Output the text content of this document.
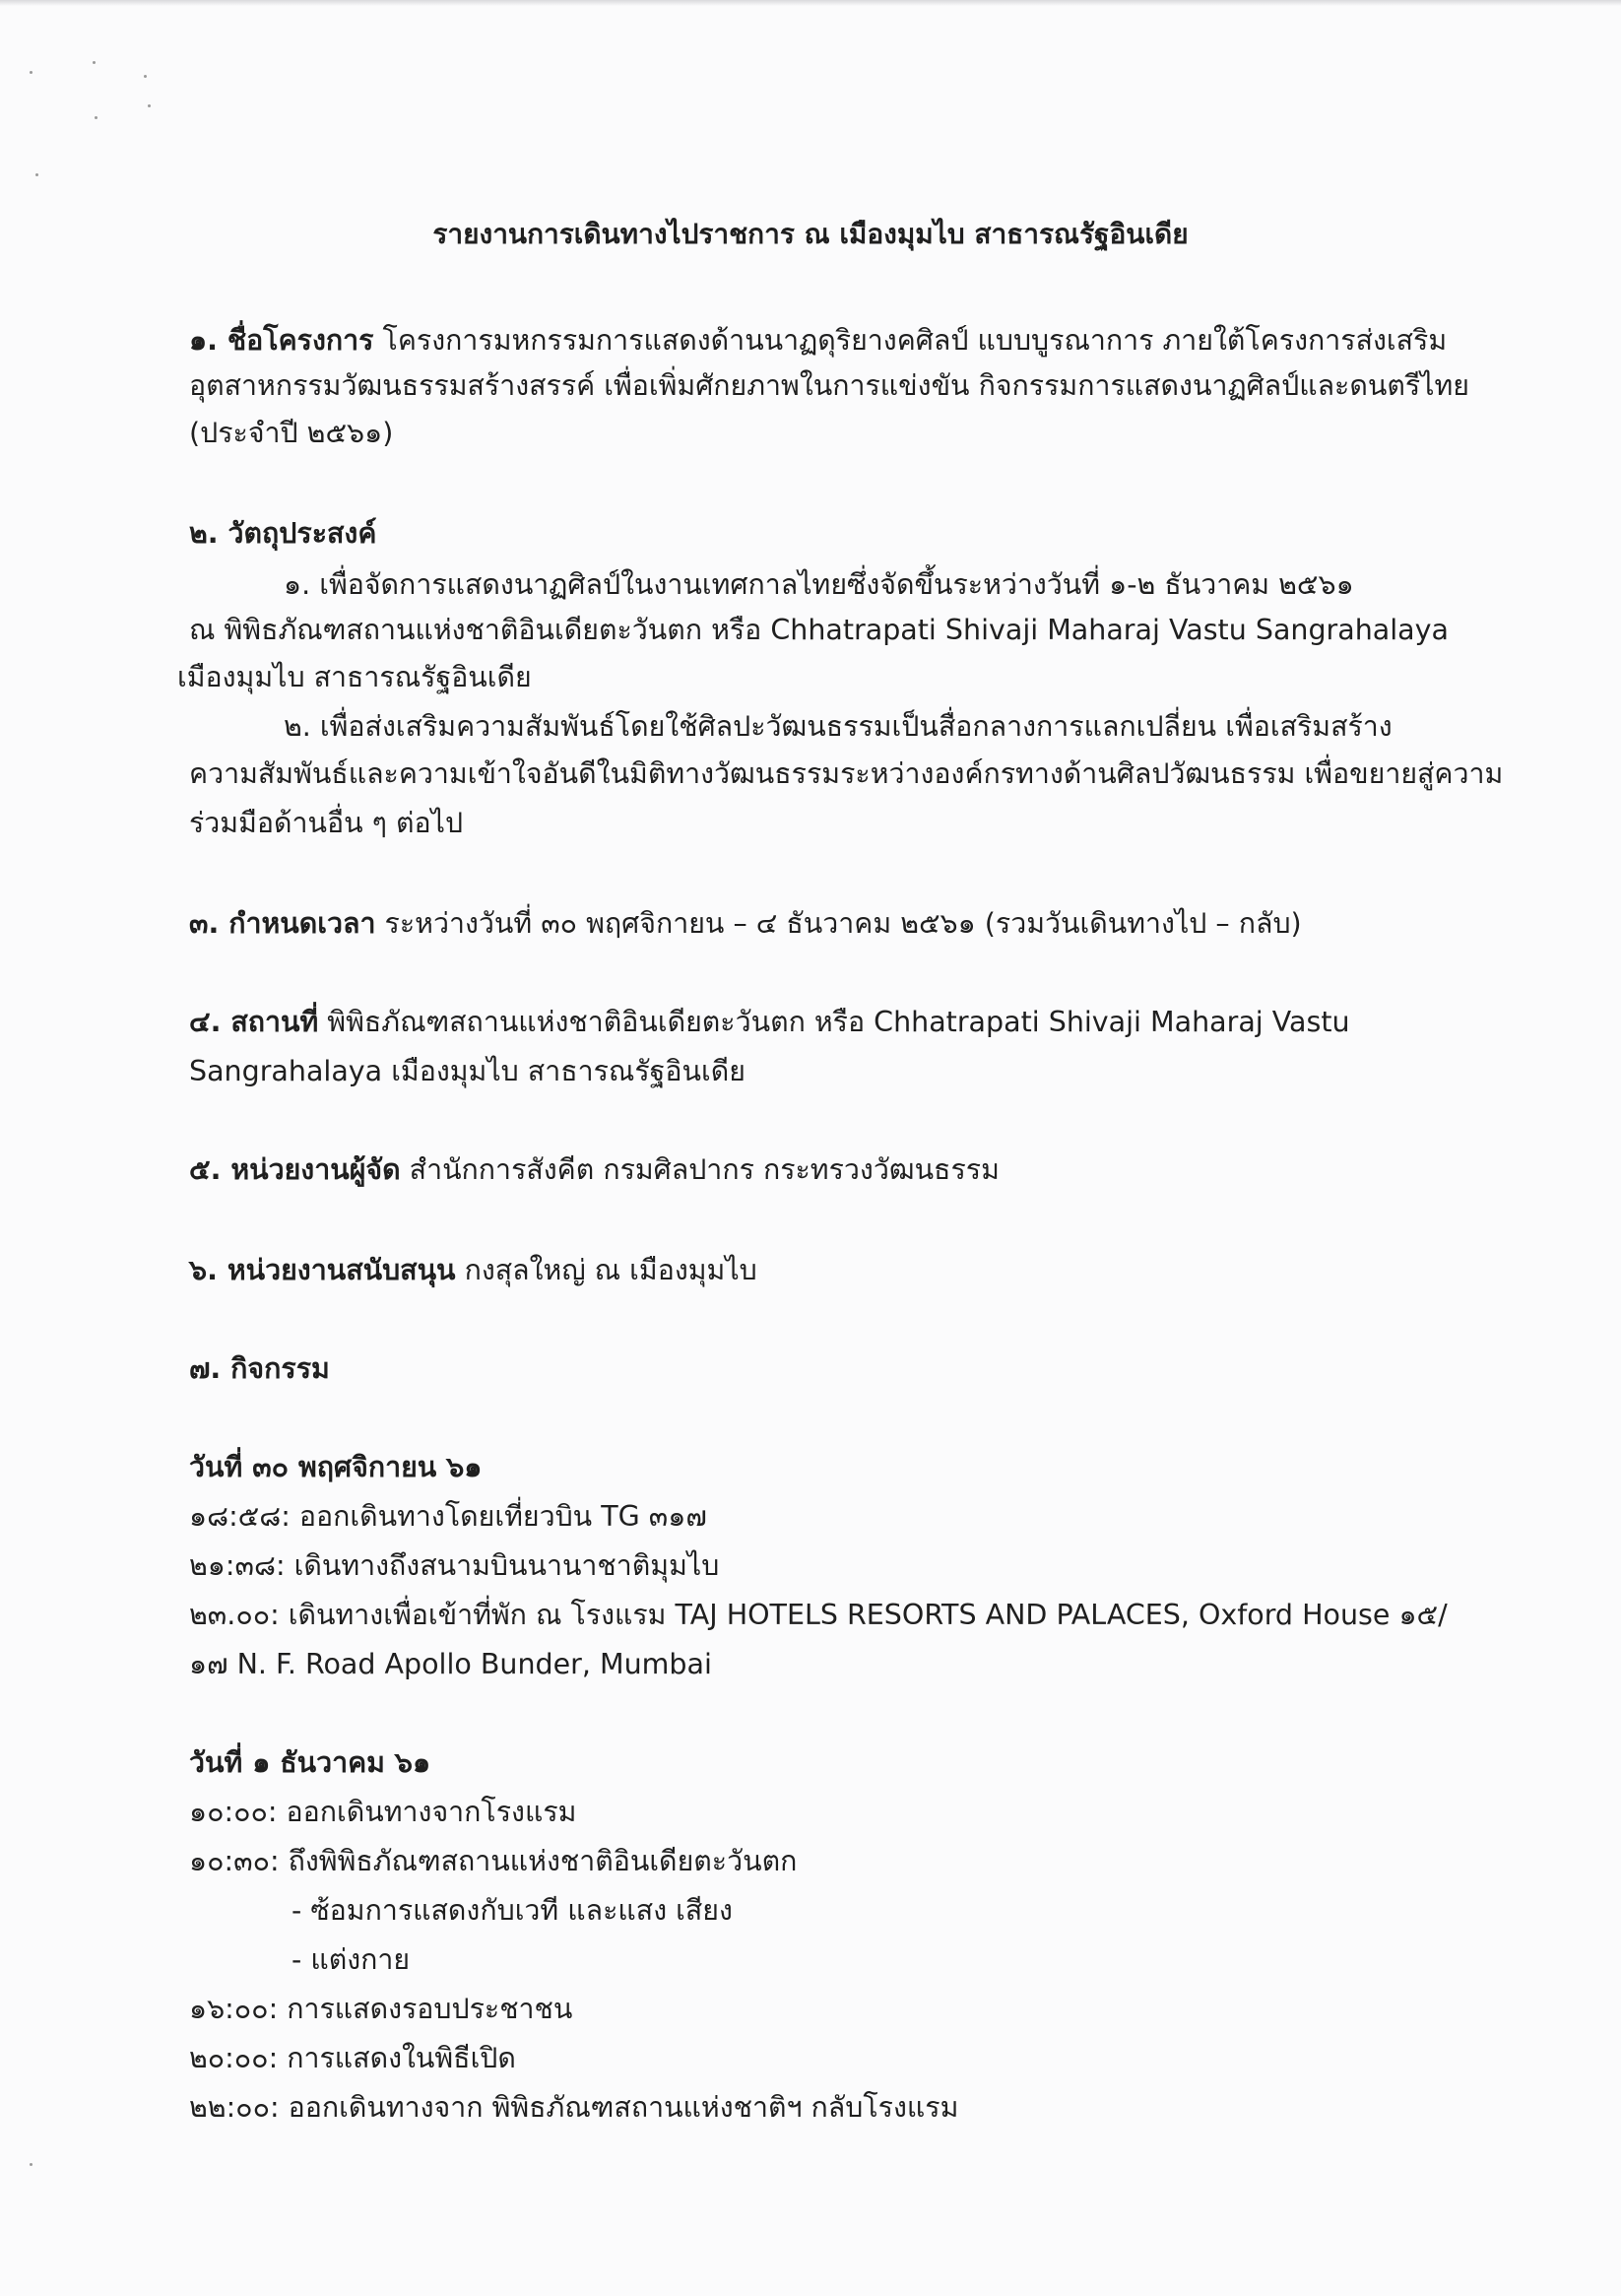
รายงานการเดินทางไปราชการ ณ เมืองมุมไบ สาธารณรัฐอินเดีย
๑. ชื่อโครงการ โครงการมหกรรมการแสดงด้านนาฏดุริยางคศิลป์ แบบบูรณาการ ภายใต้โครงการส่งเสริม
อุตสาหกรรมวัฒนธรรมสร้างสรรค์ เพื่อเพิ่มศักยภาพในการแข่งขัน กิจกรรมการแสดงนาฏศิลป์และดนตรีไทย
(ประจำปี ๒๕๖๑)
๒. วัตถุประสงค์
๑. เพื่อจัดการแสดงนาฏศิลป์ในงานเทศกาลไทยซึ่งจัดขึ้นระหว่างวันที่ ๑-๒ ธันวาคม ๒๕๖๑
ณ พิพิธภัณฑสถานแห่งชาติอินเดียตะวันตก หรือ Chhatrapati Shivaji Maharaj Vastu Sangrahalaya
เมืองมุมไบ สาธารณรัฐอินเดีย
๒. เพื่อส่งเสริมความสัมพันธ์โดยใช้ศิลปะวัฒนธรรมเป็นสื่อกลางการแลกเปลี่ยน เพื่อเสริมสร้าง
ความสัมพันธ์และความเข้าใจอันดีในมิติทางวัฒนธรรมระหว่างองค์กรทางด้านศิลปวัฒนธรรม เพื่อขยายสู่ความ
ร่วมมือด้านอื่น ๆ ต่อไป
๓. กำหนดเวลา ระหว่างวันที่ ๓๐ พฤศจิกายน – ๔ ธันวาคม ๒๕๖๑ (รวมวันเดินทางไป – กลับ)
๔. สถานที่ พิพิธภัณฑสถานแห่งชาติอินเดียตะวันตก หรือ Chhatrapati Shivaji Maharaj Vastu
Sangrahalaya เมืองมุมไบ สาธารณรัฐอินเดีย
๕. หน่วยงานผู้จัด สำนักการสังคีต กรมศิลปากร กระทรวงวัฒนธรรม
๖. หน่วยงานสนับสนุน กงสุลใหญ่ ณ เมืองมุมไบ
๗. กิจกรรม
วันที่ ๓๐ พฤศจิกายน ๖๑
๑๘:๕๘: ออกเดินทางโดยเที่ยวบิน TG ๓๑๗
๒๑:๓๘: เดินทางถึงสนามบินนานาชาติมุมไบ
๒๓.๐๐: เดินทางเพื่อเข้าที่พัก ณ โรงแรม TAJ HOTELS RESORTS AND PALACES, Oxford House ๑๕/
๑๗ N. F. Road Apollo Bunder, Mumbai
วันที่ ๑ ธันวาคม ๖๑
๑๐:๐๐: ออกเดินทางจากโรงแรม
๑๐:๓๐: ถึงพิพิธภัณฑสถานแห่งชาติอินเดียตะวันตก
- ซ้อมการแสดงกับเวที และแสง เสียง
- แต่งกาย
๑๖:๐๐: การแสดงรอบประชาชน
๒๐:๐๐: การแสดงในพิธีเปิด
๒๒:๐๐: ออกเดินทางจาก พิพิธภัณฑสถานแห่งชาติฯ กลับโรงแรม
